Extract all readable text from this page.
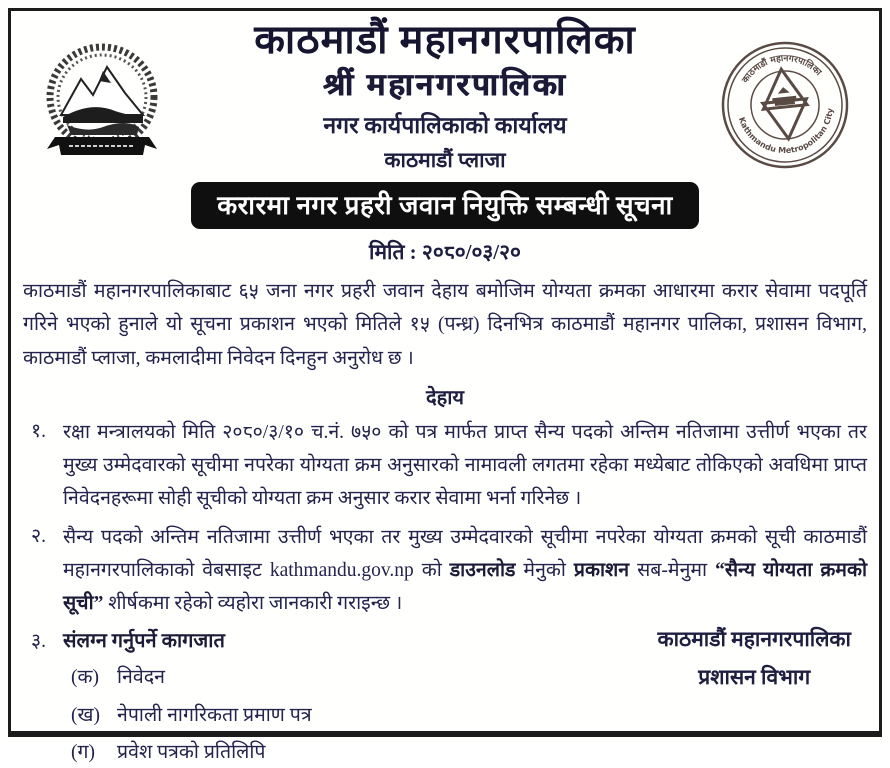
काठमाडौं महानगरपालिका
Kathmandu Metropolitan City
काठमाडौं महानगरपालिका
श्रीं महानगरपालिका
नगर कार्यपालिकाको कार्यालय
काठमाडौं प्लाजा
करारमा नगर प्रहरी जवान नियुक्ति सम्बन्धी सूचना
मिति : २०८०/०३/२०
काठमाडौं महानगरपालिकाबाट ६५ जना नगर प्रहरी जवान देहाय बमोजिम योग्यता क्रमका आधारमा करार सेवामा पदपूर्ति गरिने भएको हुनाले यो सूचना प्रकाशन भएको मितिले १५ (पन्ध्र) दिनभित्र काठमाडौं महानगर पालिका, प्रशासन विभाग, काठमाडौं प्लाजा, कमलादीमा निवेदन दिनहुन अनुरोध छ ।
देहाय
१. रक्षा मन्त्रालयको मिति २०८०/३/१० च.नं. ७५० को पत्र मार्फत प्राप्त सैन्य पदको अन्तिम नतिजामा उत्तीर्ण भएका तर मुख्य उम्मेदवारको सूचीमा नपरेका योग्यता क्रम अनुसारको नामावली लगतमा रहेका मध्येबाट तोकिएको अवधिमा प्राप्त निवेदनहरूमा सोही सूचीको योग्यता क्रम अनुसार करार सेवामा भर्ना गरिनेछ ।
२. सैन्य पदको अन्तिम नतिजामा उत्तीर्ण भएका तर मुख्य उम्मेदवारको सूचीमा नपरेका योग्यता क्रमको सूची काठमाडौं महानगरपालिकाको वेबसाइट kathmandu.gov.np को डाउनलोड मेनुको प्रकाशन सब-मेनुमा “सैन्य योग्यता क्रमको सूची” शीर्षकमा रहेको व्यहोरा जानकारी गराइन्छ ।
३. संलग्न गर्नुपर्ने कागजात
(क) निवेदन
(ख) नेपाली नागरिकता प्रमाण पत्र
(ग)	प्रवेश पत्रको प्रतिलिपि
काठमाडौं महानगरपालिका
प्रशासन विभाग
